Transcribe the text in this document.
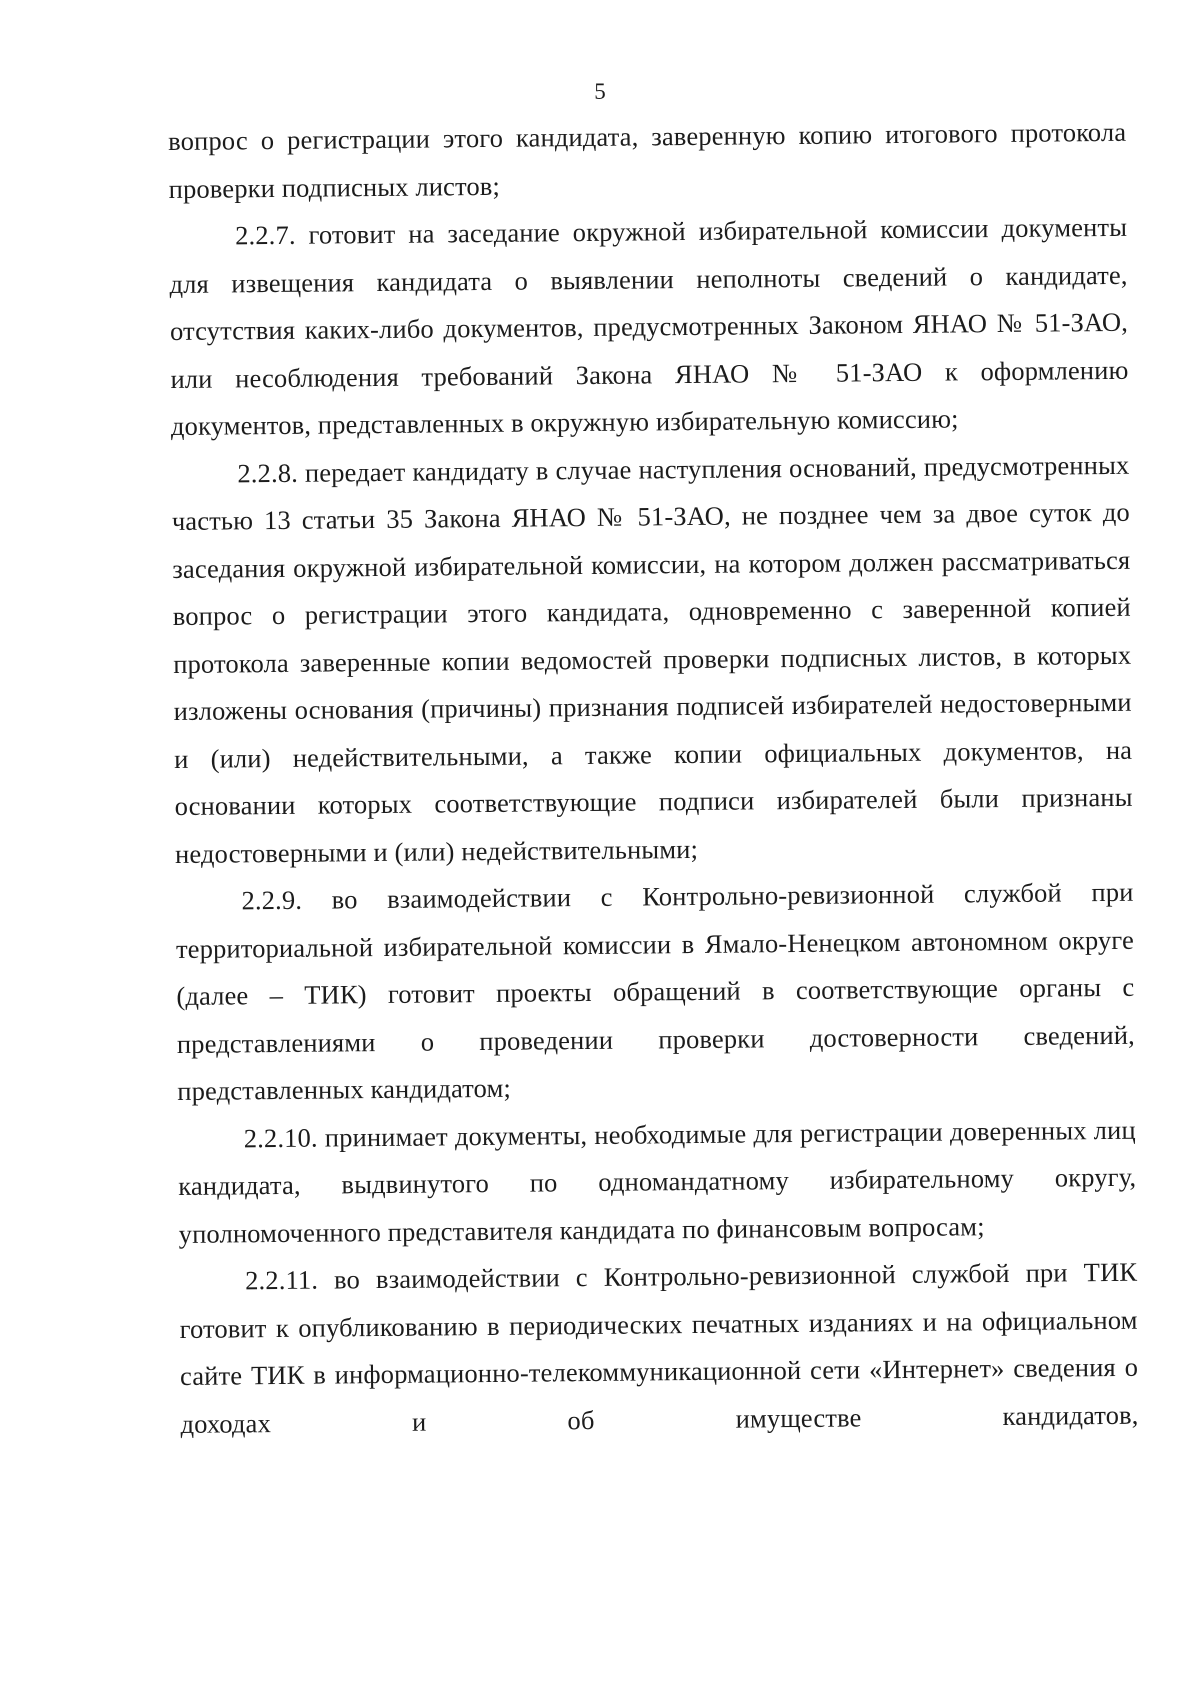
5

вопрос о регистрации этого кандидата, заверенную копию итогового протокола проверки подписных листов;

2.2.7. готовит на заседание окружной избирательной комиссии документы для извещения кандидата о выявлении неполноты сведений о кандидате, отсутствия каких-либо документов, предусмотренных Законом ЯНАО № 51-ЗАО, или несоблюдения требований Закона ЯНАО № 51-ЗАО к оформлению документов, представленных в окружную избирательную комиссию;

2.2.8. передает кандидату в случае наступления оснований, предусмотренных частью 13 статьи 35 Закона ЯНАО № 51-ЗАО, не позднее чем за двое суток до заседания окружной избирательной комиссии, на котором должен рассматриваться вопрос о регистрации этого кандидата, одновременно с заверенной копией протокола заверенные копии ведомостей проверки подписных листов, в которых изложены основания (причины) признания подписей избирателей недостоверными и (или) недействительными, а также копии официальных документов, на основании которых соответствующие подписи избирателей были признаны недостоверными и (или) недействительными;

2.2.9. во взаимодействии с Контрольно-ревизионной службой при территориальной избирательной комиссии в Ямало-Ненецком автономном округе (далее – ТИК) готовит проекты обращений в соответствующие органы с представлениями о проведении проверки достоверности сведений, представленных кандидатом;

2.2.10. принимает документы, необходимые для регистрации доверенных лиц кандидата, выдвинутого по одномандатному избирательному округу, уполномоченного представителя кандидата по финансовым вопросам;

2.2.11. во взаимодействии с Контрольно-ревизионной службой при ТИК готовит к опубликованию в периодических печатных изданиях и на официальном сайте ТИК в информационно-телекоммуникационной сети «Интернет» сведения о доходах и об имуществе кандидатов,
